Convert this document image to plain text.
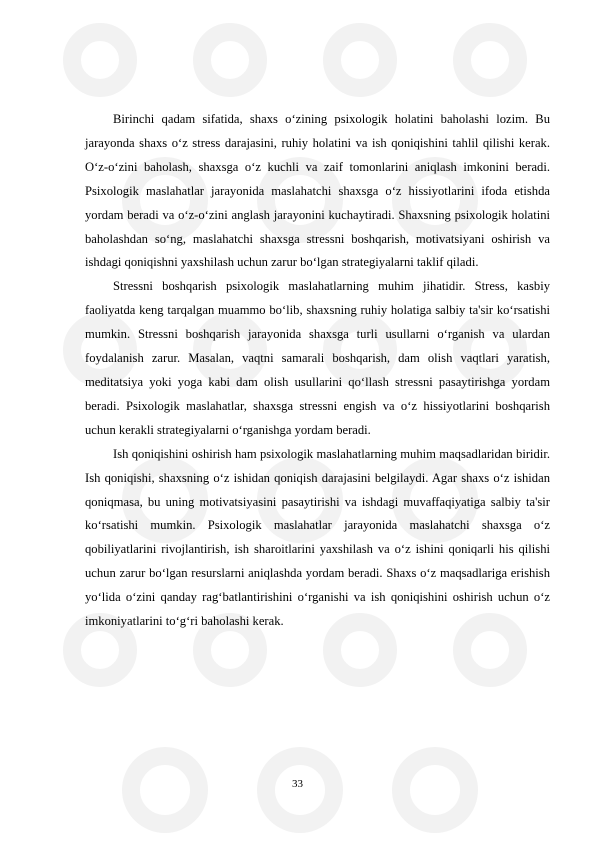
Birinchi qadam sifatida, shaxs o‘zining psixologik holatini baholashi lozim. Bu jarayonda shaxs o‘z stress darajasini, ruhiy holatini va ish qoniqishini tahlil qilishi kerak. O‘z-o‘zini baholash, shaxsga o‘z kuchli va zaif tomonlarini aniqlash imkonini beradi. Psixologik maslahatlar jarayonida maslahatchi shaxsga o‘z hissiyotlarini ifoda etishda yordam beradi va o‘z-o‘zini anglash jarayonini kuchaytiradi. Shaxsning psixologik holatini baholashdan so‘ng, maslahatchi shaxsga stressni boshqarish, motivatsiyani oshirish va ishdagi qoniqishni yaxshilash uchun zarur bo‘lgan strategiyalarni taklif qiladi.

Stressni boshqarish psixologik maslahatlarning muhim jihatidir. Stress, kasbiy faoliyatda keng tarqalgan muammo bo‘lib, shaxsning ruhiy holatiga salbiy ta'sir ko‘rsatishi mumkin. Stressni boshqarish jarayonida shaxsga turli usullarni o‘rganish va ulardan foydalanish zarur. Masalan, vaqtni samarali boshqarish, dam olish vaqtlari yaratish, meditatsiya yoki yoga kabi dam olish usullarini qo‘llash stressni pasaytirishga yordam beradi. Psixologik maslahatlar, shaxsga stressni engish va o‘z hissiyotlarini boshqarish uchun kerakli strategiyalarni o‘rganishga yordam beradi.

Ish qoniqishini oshirish ham psixologik maslahatlarning muhim maqsadlaridan biridir. Ish qoniqishi, shaxsning o‘z ishidan qoniqish darajasini belgilaydi. Agar shaxs o‘z ishidan qoniqmasa, bu uning motivatsiyasini pasaytirishi va ishdagi muvaffaqiyatiga salbiy ta'sir ko‘rsatishi mumkin. Psixologik maslahatlar jarayonida maslahatchi shaxsga o‘z qobiliyatlarini rivojlantirish, ish sharoitlarini yaxshilash va o‘z ishini qoniqarli his qilishi uchun zarur bo‘lgan resurslarni aniqlashda yordam beradi. Shaxs o‘z maqsadlariga erishish yo‘lida o‘zini qanday rag‘batlantirishini o‘rganishi va ish qoniqishini oshirish uchun o‘z imkoniyatlarini to‘g‘ri baholashi kerak.

33
